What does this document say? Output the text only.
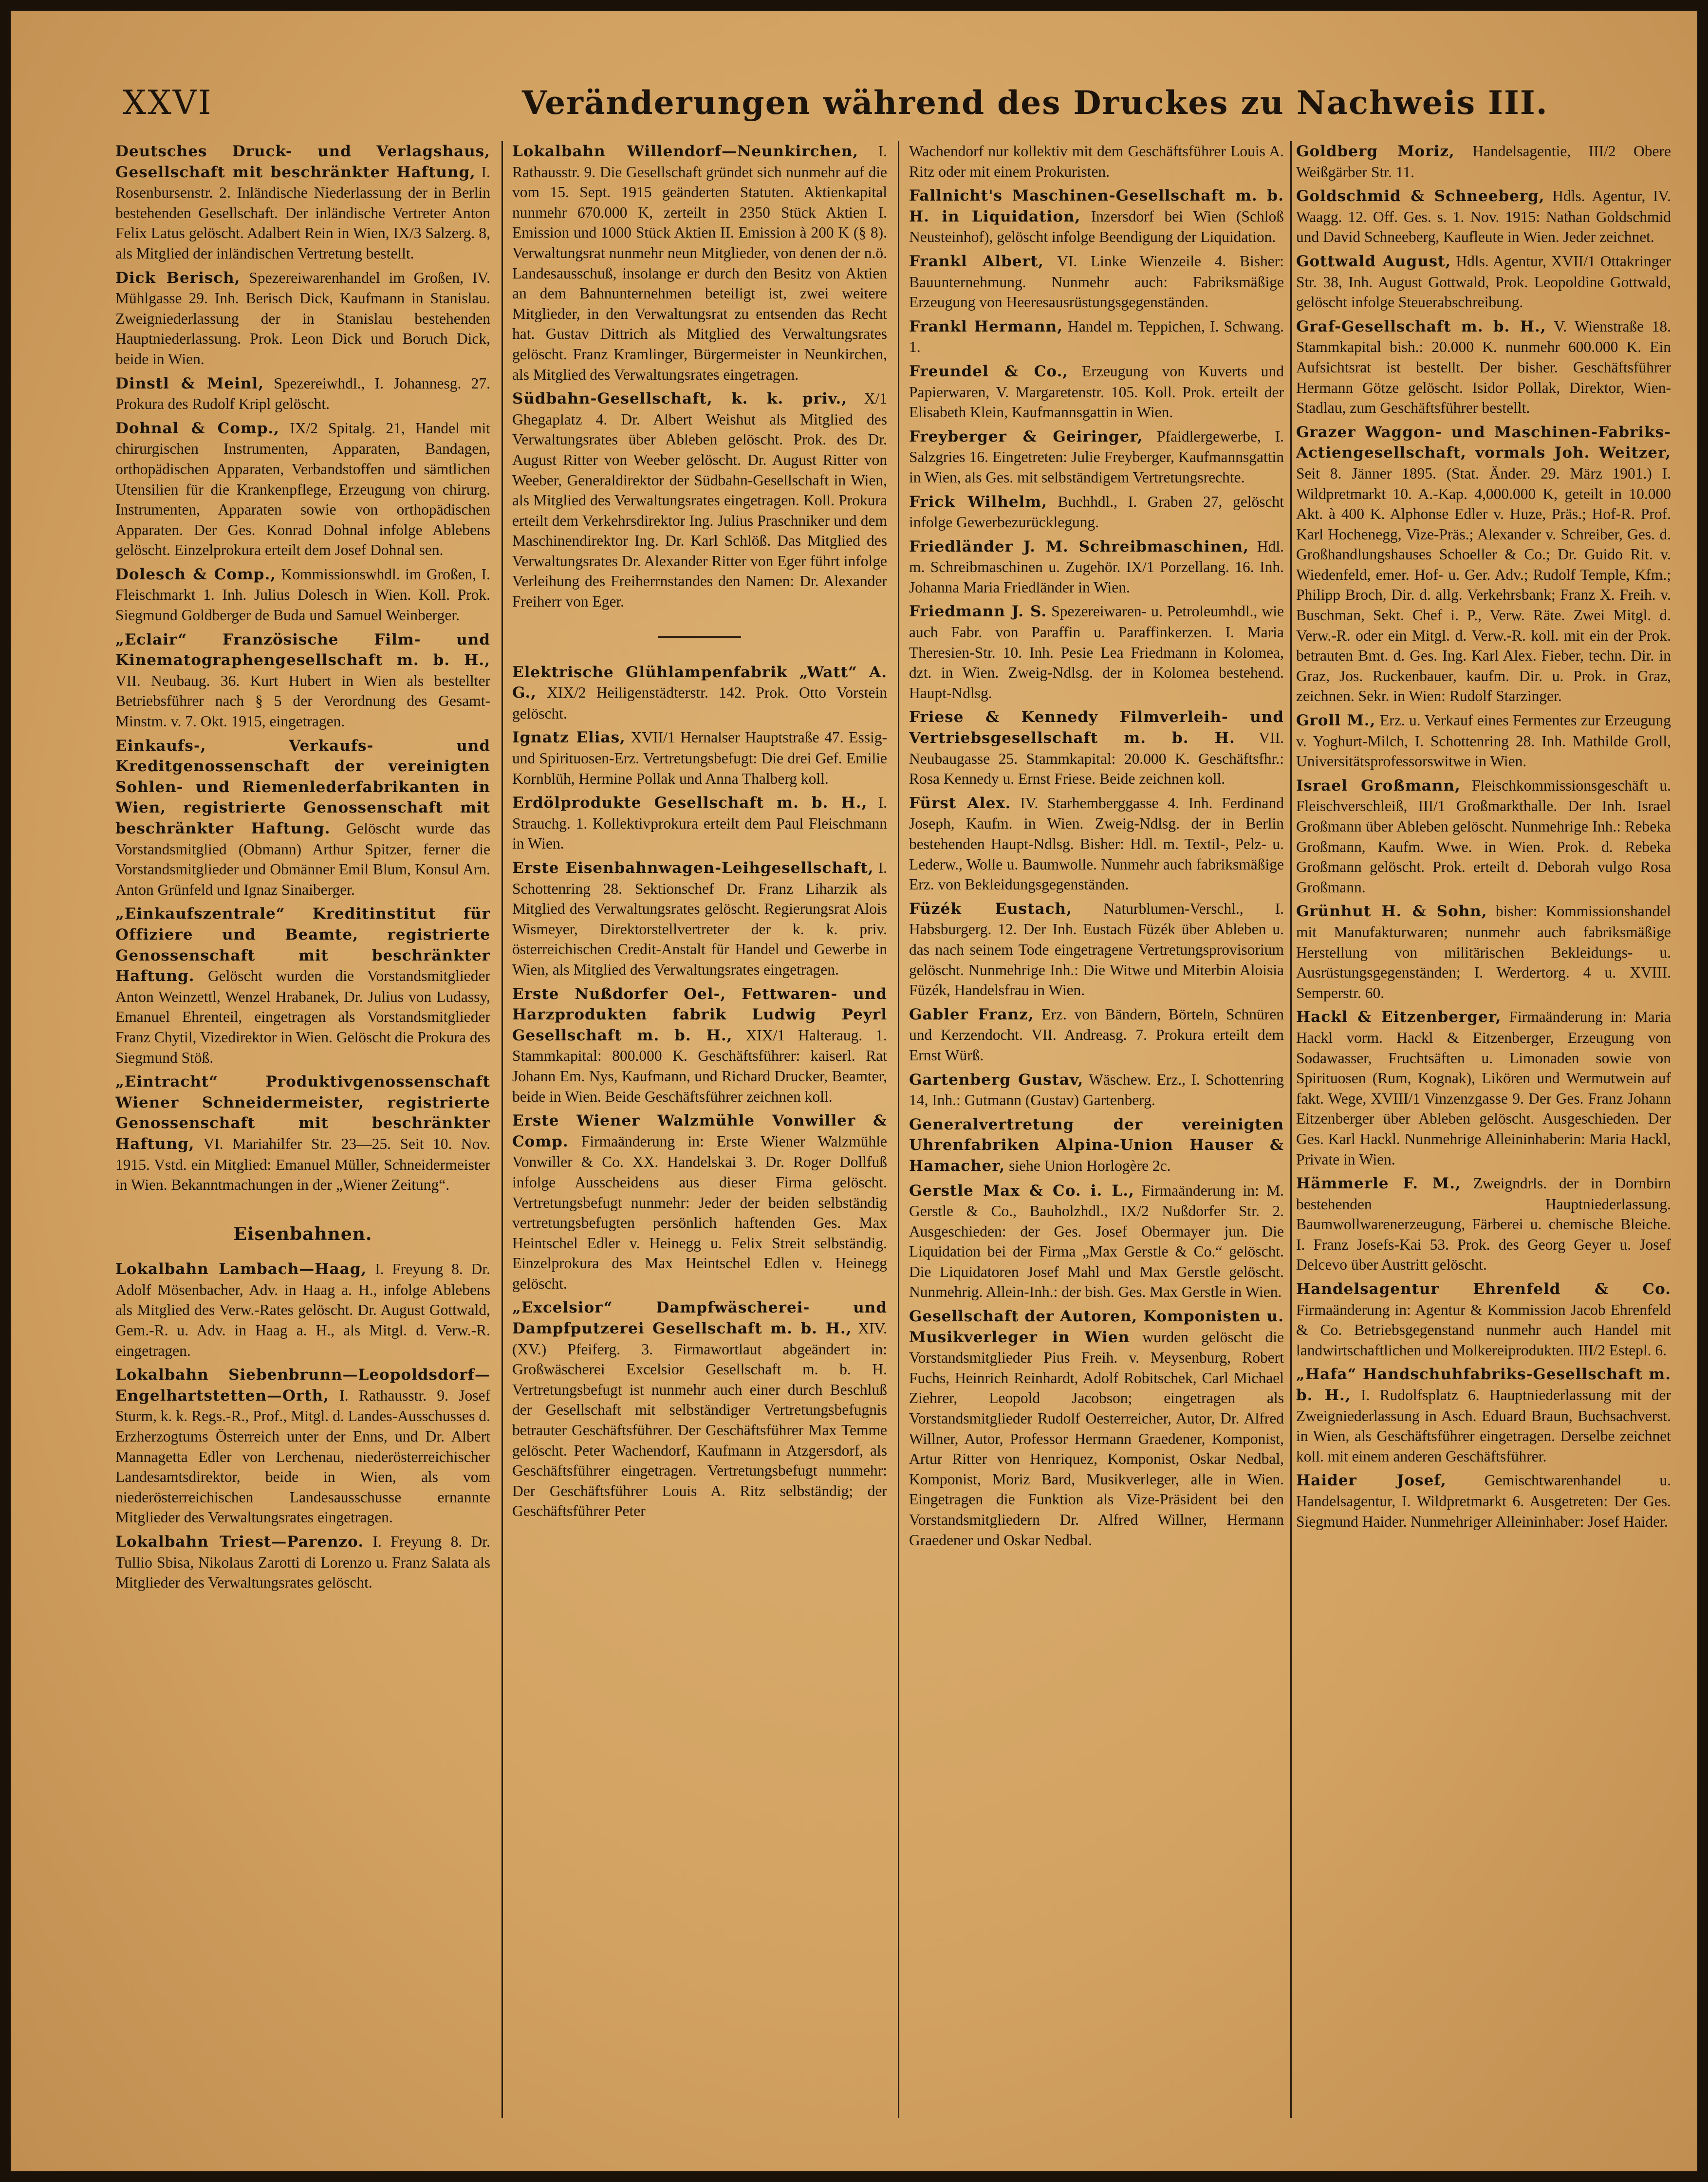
XXVI	Veränderungen während des Druckes zu Nachweis III.

Deutsches Druck- und Verlagshaus, Gesellschaft mit beschränkter Haftung, I. Rosenbursenstr. 2. Inländische Niederlassung der in Berlin bestehenden Gesellschaft. Der inländische Vertreter Anton Felix Latus gelöscht. Adalbert Rein in Wien, IX/3 Salzerg. 8, als Mitglied der inländischen Vertretung bestellt.

Dick Berisch, Spezereiwarenhandel im Großen, IV. Mühlgasse 29. Inh. Berisch Dick, Kaufmann in Stanislau. Zweigniederlassung der in Stanislau bestehenden Hauptniederlassung. Prok. Leon Dick und Boruch Dick, beide in Wien.

Dinstl & Meinl, Spezereiwhdl., I. Johannesg. 27. Prokura des Rudolf Kripl gelöscht.

Dohnal & Comp., IX/2 Spitalg. 21, Handel mit chirurgischen Instrumenten, Apparaten, Bandagen, orthopädischen Apparaten, Verbandstoffen und sämtlichen Utensilien für die Krankenpflege, Erzeugung von chirurg. Instrumenten, Apparaten sowie von orthopädischen Apparaten. Der Ges. Konrad Dohnal infolge Ablebens gelöscht. Einzelprokura erteilt dem Josef Dohnal sen.

Dolesch & Comp., Kommissionswhdl. im Großen, I. Fleischmarkt 1. Inh. Julius Dolesch in Wien. Koll. Prok. Siegmund Goldberger de Buda und Samuel Weinberger.

„Eclair“ Französische Film- und Kinematographengesellschaft m. b. H., VII. Neubaug. 36. Kurt Hubert in Wien als bestellter Betriebsführer nach § 5 der Verordnung des Gesamt-Minstm. v. 7. Okt. 1915, eingetragen.

Einkaufs-, Verkaufs- und Kreditgenossenschaft der vereinigten Sohlen- und Riemenlederfabrikanten in Wien, registrierte Genossenschaft mit beschränkter Haftung. Gelöscht wurde das Vorstandsmitglied (Obmann) Arthur Spitzer, ferner die Vorstandsmitglieder und Obmänner Emil Blum, Konsul Arn. Anton Grünfeld und Ignaz Sinaiberger.

„Einkaufszentrale“ Kreditinstitut für Offiziere und Beamte, registrierte Genossenschaft mit beschränkter Haftung. Gelöscht wurden die Vorstandsmitglieder Anton Weinzettl, Wenzel Hrabanek, Dr. Julius von Ludassy, Emanuel Ehrenteil, eingetragen als Vorstandsmitglieder Franz Chytil, Vizedirektor in Wien. Gelöscht die Prokura des Siegmund Stöß.

„Eintracht“ Produktivgenossenschaft Wiener Schneidermeister, registrierte Genossenschaft mit beschränkter Haftung, VI. Mariahilfer Str. 23—25. Seit 10. Nov. 1915. Vstd. ein Mitglied: Emanuel Müller, Schneidermeister in Wien. Bekanntmachungen in der „Wiener Zeitung“.

Eisenbahnen.

Lokalbahn Lambach—Haag, I. Freyung 8. Dr. Adolf Mösenbacher, Adv. in Haag a. H., infolge Ablebens als Mitglied des Verw.-Rates gelöscht. Dr. August Gottwald, Gem.-R. u. Adv. in Haag a. H., als Mitgl. d. Verw.-R. eingetragen.

Lokalbahn Siebenbrunn—Leopoldsdorf—Engelhartstetten—Orth, I. Rathausstr. 9. Josef Sturm, k. k. Regs.-R., Prof., Mitgl. d. Landes-Ausschusses d. Erzherzogtums Österreich unter der Enns, und Dr. Albert Mannagetta Edler von Lerchenau, niederösterreichischer Landesamtsdirektor, beide in Wien, als vom niederösterreichischen Landesausschusse ernannte Mitglieder des Verwaltungsrates eingetragen.

Lokalbahn Triest—Parenzo. I. Freyung 8. Dr. Tullio Sbisa, Nikolaus Zarotti di Lorenzo u. Franz Salata als Mitglieder des Verwaltungsrates gelöscht.

Lokalbahn Willendorf—Neunkirchen, I. Rathausstr. 9. Die Gesellschaft gründet sich nunmehr auf die vom 15. Sept. 1915 geänderten Statuten. Aktienkapital nunmehr 670.000 K, zerteilt in 2350 Stück Aktien I. Emission und 1000 Stück Aktien II. Emission à 200 K (§ 8). Verwaltungsrat nunmehr neun Mitglieder, von denen der n.ö. Landesausschuß, insolange er durch den Besitz von Aktien an dem Bahnunternehmen beteiligt ist, zwei weitere Mitglieder, in den Verwaltungsrat zu entsenden das Recht hat. Gustav Dittrich als Mitglied des Verwaltungsrates gelöscht. Franz Kramlinger, Bürgermeister in Neunkirchen, als Mitglied des Verwaltungsrates eingetragen.

Südbahn-Gesellschaft, k. k. priv., X/1 Ghegaplatz 4. Dr. Albert Weishut als Mitglied des Verwaltungsrates über Ableben gelöscht. Prok. des Dr. August Ritter von Weeber gelöscht. Dr. August Ritter von Weeber, Generaldirektor der Südbahn-Gesellschaft in Wien, als Mitglied des Verwaltungsrates eingetragen. Koll. Prokura erteilt dem Verkehrsdirektor Ing. Julius Praschniker und dem Maschinendirektor Ing. Dr. Karl Schlöß. Das Mitglied des Verwaltungsrates Dr. Alexander Ritter von Eger führt infolge Verleihung des Freiherrnstandes den Namen: Dr. Alexander Freiherr von Eger.

Elektrische Glühlampenfabrik „Watt“ A. G., XIX/2 Heiligenstädterstr. 142. Prok. Otto Vorstein gelöscht.

Ignatz Elias, XVII/1 Hernalser Hauptstraße 47. Essig- und Spirituosen-Erz. Vertretungsbefugt: Die drei Gef. Emilie Kornblüh, Hermine Pollak und Anna Thalberg koll.

Erdölprodukte Gesellschaft m. b. H., I. Strauchg. 1. Kollektivprokura erteilt dem Paul Fleischmann in Wien.

Erste Eisenbahnwagen-Leihgesellschaft, I. Schottenring 28. Sektionschef Dr. Franz Liharzik als Mitglied des Verwaltungsrates gelöscht. Regierungsrat Alois Wismeyer, Direktorstellvertreter der k. k. priv. österreichischen Credit-Anstalt für Handel und Gewerbe in Wien, als Mitglied des Verwaltungsrates eingetragen.

Erste Nußdorfer Oel-, Fettwaren- und Harzprodukten fabrik Ludwig Peyrl Gesellschaft m. b. H., XIX/1 Halteraug. 1. Stammkapital: 800.000 K. Geschäftsführer: kaiserl. Rat Johann Em. Nys, Kaufmann, und Richard Drucker, Beamter, beide in Wien. Beide Geschäftsführer zeichnen koll.

Erste Wiener Walzmühle Vonwiller & Comp. Firmaänderung in: Erste Wiener Walzmühle Vonwiller & Co. XX. Handelskai 3. Dr. Roger Dollfuß infolge Ausscheidens aus dieser Firma gelöscht. Vertretungsbefugt nunmehr: Jeder der beiden selbständig vertretungsbefugten persönlich haftenden Ges. Max Heintschel Edler v. Heinegg u. Felix Streit selbständig. Einzelprokura des Max Heintschel Edlen v. Heinegg gelöscht.

„Excelsior“ Dampfwäscherei- und Dampfputzerei Gesellschaft m. b. H., XIV. (XV.) Pfeiferg. 3. Firmawortlaut abgeändert in: Großwäscherei Excelsior Gesellschaft m. b. H. Vertretungsbefugt ist nunmehr auch einer durch Beschluß der Gesellschaft mit selbständiger Vertretungsbefugnis betrauter Geschäftsführer. Der Geschäftsführer Max Temme gelöscht. Peter Wachendorf, Kaufmann in Atzgersdorf, als Geschäftsführer eingetragen. Vertretungsbefugt nunmehr: Der Geschäftsführer Louis A. Ritz selbständig; der Geschäftsführer Peter

Wachendorf nur kollektiv mit dem Geschäftsführer Louis A. Ritz oder mit einem Prokuristen.

Fallnicht's Maschinen-Gesellschaft m. b. H. in Liquidation, Inzersdorf bei Wien (Schloß Neusteinhof), gelöscht infolge Beendigung der Liquidation.

Frankl Albert, VI. Linke Wienzeile 4. Bisher: Bauunternehmung. Nunmehr auch: Fabriksmäßige Erzeugung von Heeresausrüstungsgegenständen.

Frankl Hermann, Handel m. Teppichen, I. Schwang. 1.

Freundel & Co., Erzeugung von Kuverts und Papierwaren, V. Margaretenstr. 105. Koll. Prok. erteilt der Elisabeth Klein, Kaufmannsgattin in Wien.

Freyberger & Geiringer, Pfaidlergewerbe, I. Salzgries 16. Eingetreten: Julie Freyberger, Kaufmannsgattin in Wien, als Ges. mit selbständigem Vertretungsrechte.

Frick Wilhelm, Buchhdl., I. Graben 27, gelöscht infolge Gewerbezurücklegung.

Friedländer J. M. Schreibmaschinen, Hdl. m. Schreibmaschinen u. Zugehör. IX/1 Porzellang. 16. Inh. Johanna Maria Friedländer in Wien.

Friedmann J. S. Spezereiwaren- u. Petroleumhdl., wie auch Fabr. von Paraffin u. Paraffinkerzen. I. Maria Theresien-Str. 10. Inh. Pesie Lea Friedmann in Kolomea, dzt. in Wien. Zweig-Ndlsg. der in Kolomea bestehend. Haupt-Ndlsg.

Friese & Kennedy Filmverleih- und Vertriebsgesellschaft m. b. H. VII. Neubaugasse 25. Stammkapital: 20.000 K. Geschäftsfhr.: Rosa Kennedy u. Ernst Friese. Beide zeichnen koll.

Fürst Alex. IV. Starhemberggasse 4. Inh. Ferdinand Joseph, Kaufm. in Wien. Zweig-Ndlsg. der in Berlin bestehenden Haupt-Ndlsg. Bisher: Hdl. m. Textil-, Pelz- u. Lederw., Wolle u. Baumwolle. Nunmehr auch fabriksmäßige Erz. von Bekleidungsgegenständen.

Füzék Eustach, Naturblumen-Verschl., I. Habsburgerg. 12. Der Inh. Eustach Füzék über Ableben u. das nach seinem Tode eingetragene Vertretungsprovisorium gelöscht. Nunmehrige Inh.: Die Witwe und Miterbin Aloisia Füzék, Handelsfrau in Wien.

Gabler Franz, Erz. von Bändern, Börteln, Schnüren und Kerzendocht. VII. Andreasg. 7. Prokura erteilt dem Ernst Würß.

Gartenberg Gustav, Wäschew. Erz., I. Schottenring 14, Inh.: Gutmann (Gustav) Gartenberg.

Generalvertretung der vereinigten Uhrenfabriken Alpina-Union Hauser & Hamacher, siehe Union Horlogère 2c.

Gerstle Max & Co. i. L., Firmaänderung in: M. Gerstle & Co., Bauholzhdl., IX/2 Nußdorfer Str. 2. Ausgeschieden: der Ges. Josef Obermayer jun. Die Liquidation bei der Firma „Max Gerstle & Co.“ gelöscht. Die Liquidatoren Josef Mahl und Max Gerstle gelöscht. Nunmehrig. Allein-Inh.: der bish. Ges. Max Gerstle in Wien.

Gesellschaft der Autoren, Komponisten u. Musikverleger in Wien wurden gelöscht die Vorstandsmitglieder Pius Freih. v. Meysenburg, Robert Fuchs, Heinrich Reinhardt, Adolf Robitschek, Carl Michael Ziehrer, Leopold Jacobson; eingetragen als Vorstandsmitglieder Rudolf Oesterreicher, Autor, Dr. Alfred Willner, Autor, Professor Hermann Graedener, Komponist, Artur Ritter von Henriquez, Komponist, Oskar Nedbal, Komponist, Moriz Bard, Musikverleger, alle in Wien. Eingetragen die Funktion als Vize-Präsident bei den Vorstandsmitgliedern Dr. Alfred Willner, Hermann Graedener und Oskar Nedbal.

Goldberg Moriz, Handelsagentie, III/2 Obere Weißgärber Str. 11.

Goldschmid & Schneeberg, Hdls. Agentur, IV. Waagg. 12. Off. Ges. s. 1. Nov. 1915: Nathan Goldschmid und David Schneeberg, Kaufleute in Wien. Jeder zeichnet.

Gottwald August, Hdls. Agentur, XVII/1 Ottakringer Str. 38, Inh. August Gottwald, Prok. Leopoldine Gottwald, gelöscht infolge Steuerabschreibung.

Graf-Gesellschaft m. b. H., V. Wienstraße 18. Stammkapital bish.: 20.000 K. nunmehr 600.000 K. Ein Aufsichtsrat ist bestellt. Der bisher. Geschäftsführer Hermann Götze gelöscht. Isidor Pollak, Direktor, Wien-Stadlau, zum Geschäftsführer bestellt.

Grazer Waggon- und Maschinen-Fabriks-Actiengesellschaft, vormals Joh. Weitzer, Seit 8. Jänner 1895. (Stat. Änder. 29. März 1901.) I. Wildpretmarkt 10. A.-Kap. 4,000.000 K, geteilt in 10.000 Akt. à 400 K. Alphonse Edler v. Huze, Präs.; Hof-R. Prof. Karl Hochenegg, Vize-Präs.; Alexander v. Schreiber, Ges. d. Großhandlungshauses Schoeller & Co.; Dr. Guido Rit. v. Wiedenfeld, emer. Hof- u. Ger. Adv.; Rudolf Temple, Kfm.; Philipp Broch, Dir. d. allg. Verkehrsbank; Franz X. Freih. v. Buschman, Sekt. Chef i. P., Verw. Räte. Zwei Mitgl. d. Verw.-R. oder ein Mitgl. d. Verw.-R. koll. mit ein der Prok. betrauten Bmt. d. Ges. Ing. Karl Alex. Fieber, techn. Dir. in Graz, Jos. Ruckenbauer, kaufm. Dir. u. Prok. in Graz, zeichnen. Sekr. in Wien: Rudolf Starzinger.

Groll M., Erz. u. Verkauf eines Fermentes zur Erzeugung v. Yoghurt-Milch, I. Schottenring 28. Inh. Mathilde Groll, Universitätsprofessorswitwe in Wien.

Israel Großmann, Fleischkommissionsgeschäft u. Fleischverschleiß, III/1 Großmarkthalle. Der Inh. Israel Großmann über Ableben gelöscht. Nunmehrige Inh.: Rebeka Großmann, Kaufm. Wwe. in Wien. Prok. d. Rebeka Großmann gelöscht. Prok. erteilt d. Deborah vulgo Rosa Großmann.

Grünhut H. & Sohn, bisher: Kommissionshandel mit Manufakturwaren; nunmehr auch fabriksmäßige Herstellung von militärischen Bekleidungs- u. Ausrüstungsgegenständen; I. Werdertorg. 4 u. XVIII. Semperstr. 60.

Hackl & Eitzenberger, Firmaänderung in: Maria Hackl vorm. Hackl & Eitzenberger, Erzeugung von Sodawasser, Fruchtsäften u. Limonaden sowie von Spirituosen (Rum, Kognak), Likören und Wermutwein auf fakt. Wege, XVIII/1 Vinzenzgasse 9. Der Ges. Franz Johann Eitzenberger über Ableben gelöscht. Ausgeschieden. Der Ges. Karl Hackl. Nunmehrige Alleininhaberin: Maria Hackl, Private in Wien.

Hämmerle F. M., Zweigndrls. der in Dornbirn bestehenden Hauptniederlassung. Baumwollwarenerzeugung, Färberei u. chemische Bleiche. I. Franz Josefs-Kai 53. Prok. des Georg Geyer u. Josef Delcevo über Austritt gelöscht.

Handelsagentur Ehrenfeld & Co. Firmaänderung in: Agentur & Kommission Jacob Ehrenfeld & Co. Betriebsgegenstand nunmehr auch Handel mit landwirtschaftlichen und Molkereiprodukten. III/2 Estepl. 6.

„Hafa“ Handschuhfabriks-Gesellschaft m. b. H., I. Rudolfsplatz 6. Hauptniederlassung mit der Zweigniederlassung in Asch. Eduard Braun, Buchsachverst. in Wien, als Geschäftsführer eingetragen. Derselbe zeichnet koll. mit einem anderen Geschäftsführer.

Haider Josef, Gemischtwarenhandel u. Handelsagentur, I. Wildpretmarkt 6. Ausgetreten: Der Ges. Siegmund Haider. Nunmehriger Alleininhaber: Josef Haider.
